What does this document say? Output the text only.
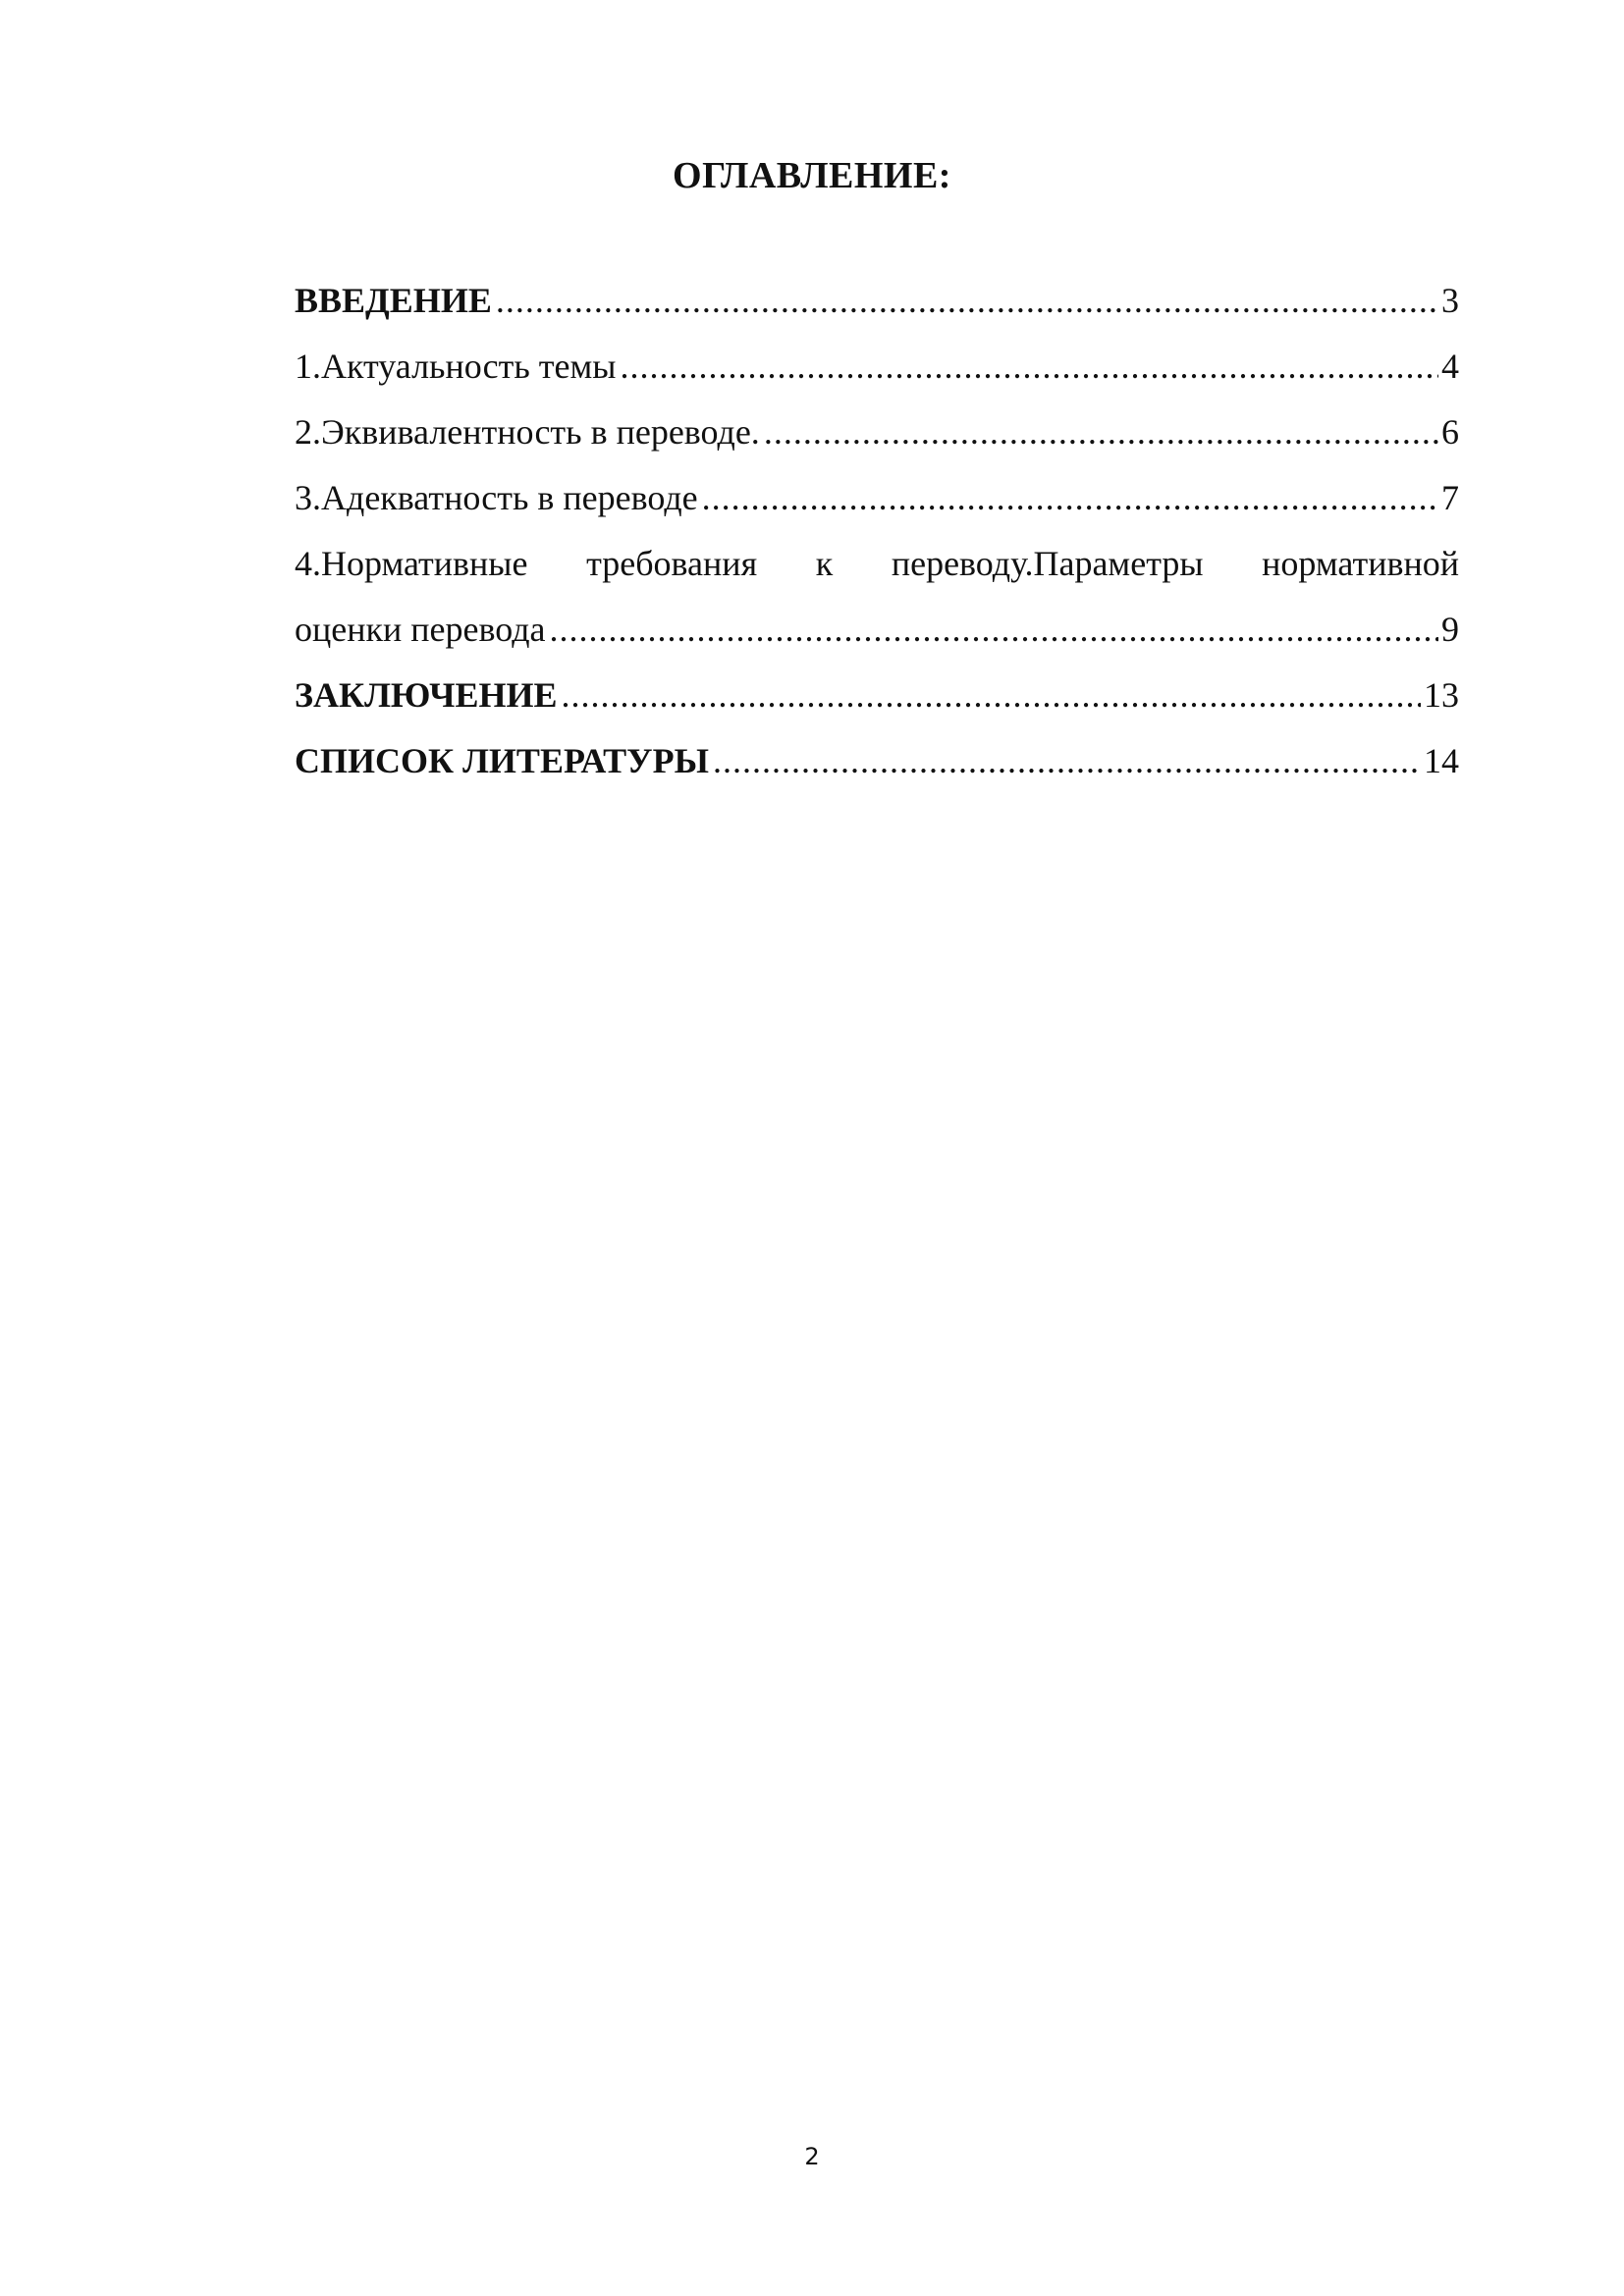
ОГЛАВЛЕНИЕ:
ВВЕДЕНИЕ .....	3
1.Актуальность темы .....	4
2.Эквивалентность в переводе. .....	6
3.Адекватность в переводе .....	7
4.Нормативные требования к переводу.Параметры нормативной
оценки перевода .....	9
ЗАКЛЮЧЕНИЕ .....	13
СПИСОК ЛИТЕРАТУРЫ .....	14
2
